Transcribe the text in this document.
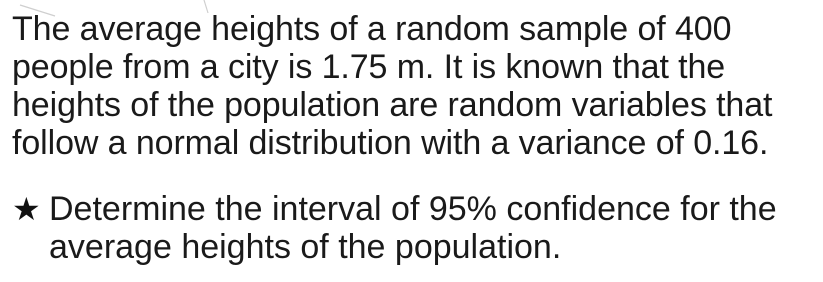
The average heights of a random sample of 400

people from a city is 1.75 m. It is known that the

heights of the population are random variables that

follow a normal distribution with a variance of 0.16.

★ Determine the interval of 95% confidence for the

average heights of the population.
